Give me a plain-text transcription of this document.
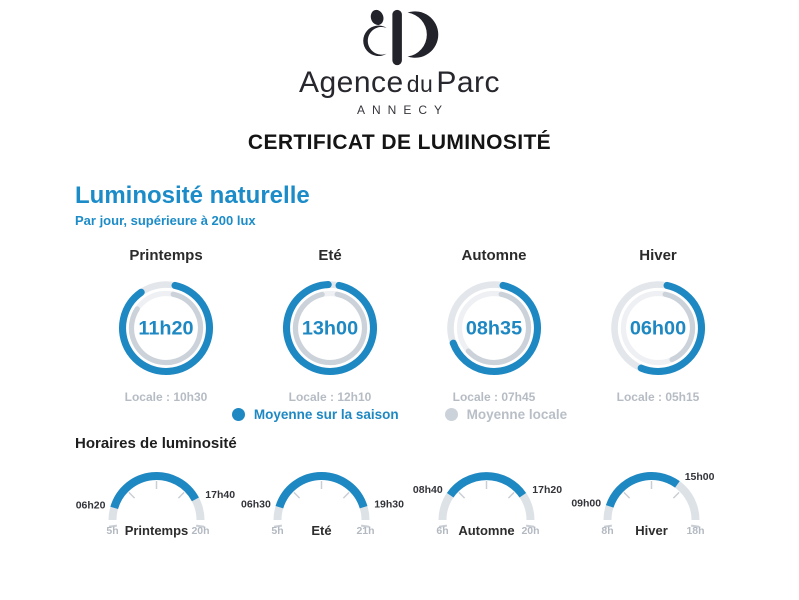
Agence du Parc
ANNECY
CERTIFICAT DE LUMINOSITÉ
Luminosité naturelle

Par jour, supérieure à 200 lux

Printemps
11h20
Locale : 10h30
Eté
13h00
Locale : 12h10
Automne
08h35
Locale : 07h45
Hiver
06h00
Locale : 05h15
Moyenne sur la saison	Moyenne locale
Horaires de luminosité
06h20
17h40
5h	20h
Printemps
06h30	19h30
5h	21h
Eté
08h40	17h20
6h	20h
Automne
09h00
15h00
8h	18h
Hiver
